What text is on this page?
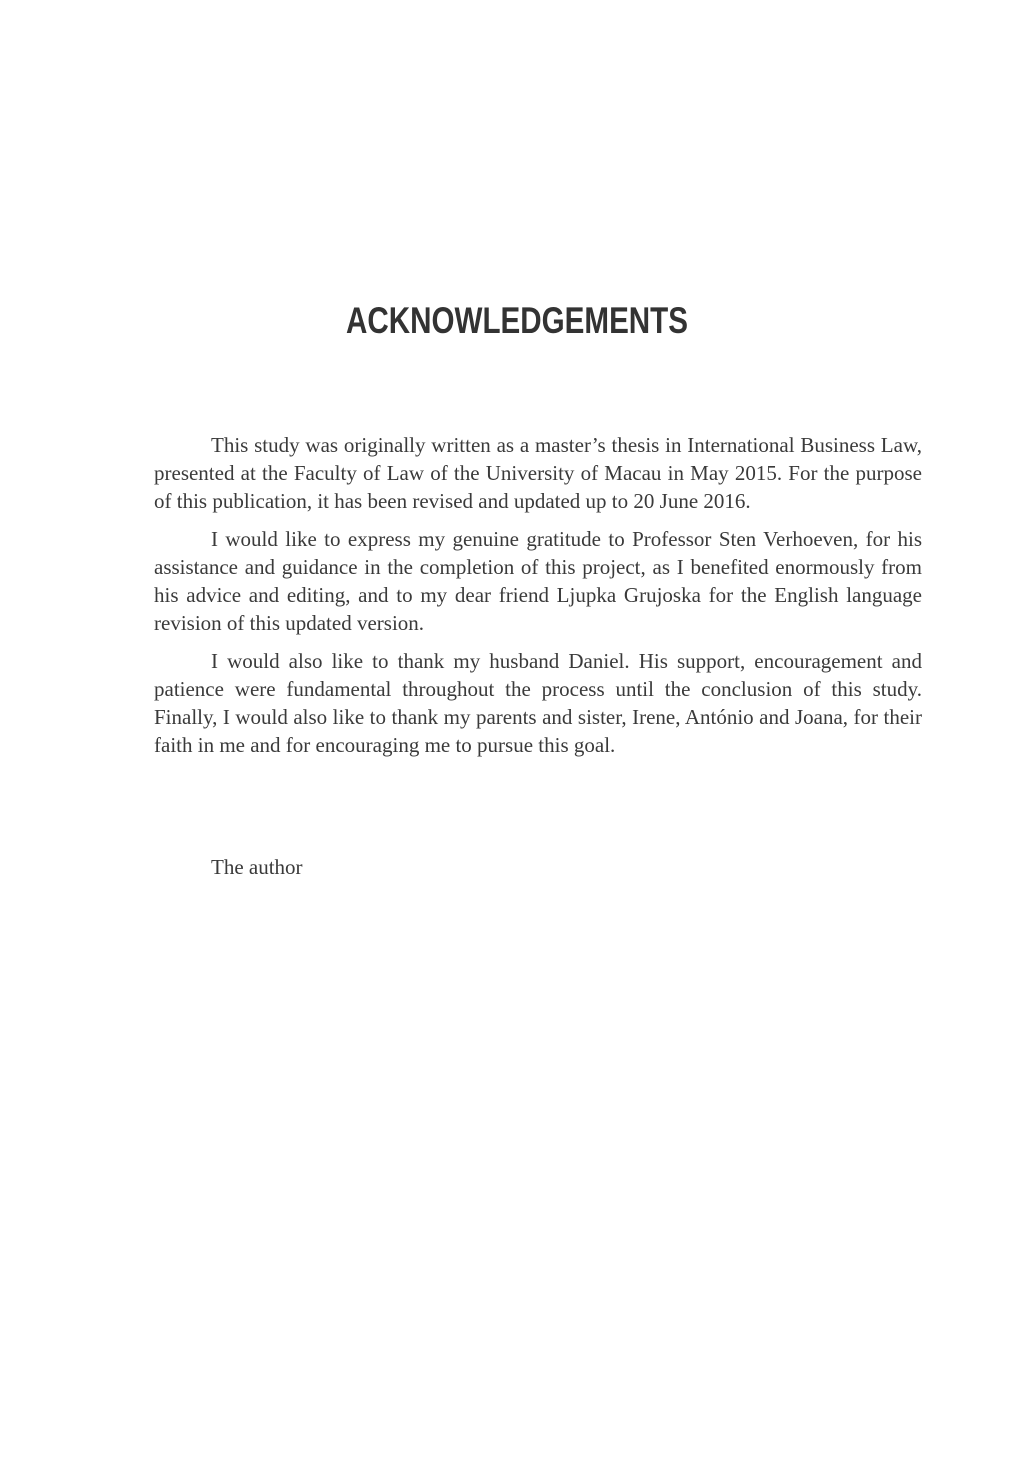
ACKNOWLEDGEMENTS

This study was originally written as a master’s thesis in International Business Law, presented at the Faculty of Law of the University of Macau in May 2015. For the purpose of this publication, it has been revised and updated up to 20 June 2016.

I would like to express my genuine gratitude to Professor Sten Verhoeven, for his assistance and guidance in the completion of this project, as I benefited enormously from his advice and editing, and to my dear friend Ljupka Grujoska for the English language revision of this updated version.

I would also like to thank my husband Daniel. His support, encouragement and patience were fundamental throughout the process until the conclusion of this study. Finally, I would also like to thank my parents and sister, Irene, António and Joana, for their faith in me and for encouraging me to pursue this goal.

The author
